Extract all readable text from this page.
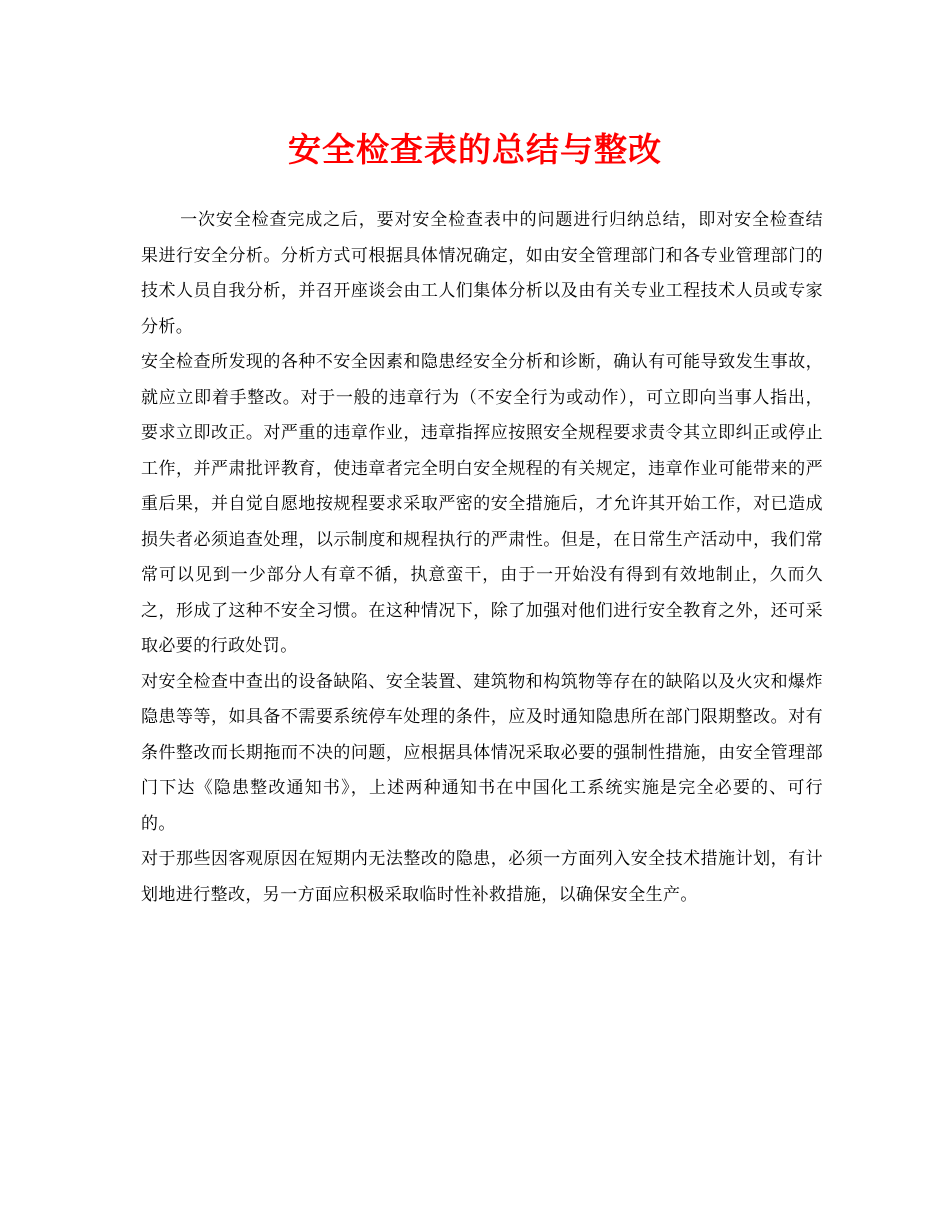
安全检查表的总结与整改

一次安全检查完成之后，要对安全检查表中的问题进行归纳总结，即对安全检查结果进行安全分析。分析方式可根据具体情况确定，如由安全管理部门和各专业管理部门的技术人员自我分析，并召开座谈会由工人们集体分析以及由有关专业工程技术人员或专家分析。

安全检查所发现的各种不安全因素和隐患经安全分析和诊断，确认有可能导致发生事故，就应立即着手整改。对于一般的违章行为（不安全行为或动作），可立即向当事人指出，要求立即改正。对严重的违章作业，违章指挥应按照安全规程要求责令其立即纠正或停止工作，并严肃批评教育，使违章者完全明白安全规程的有关规定，违章作业可能带来的严重后果，并自觉自愿地按规程要求采取严密的安全措施后，才允许其开始工作，对已造成损失者必须追查处理，以示制度和规程执行的严肃性。但是，在日常生产活动中，我们常常可以见到一少部分人有章不循，执意蛮干，由于一开始没有得到有效地制止，久而久之，形成了这种不安全习惯。在这种情况下，除了加强对他们进行安全教育之外，还可采取必要的行政处罚。

对安全检查中查出的设备缺陷、安全装置、建筑物和构筑物等存在的缺陷以及火灾和爆炸隐患等等，如具备不需要系统停车处理的条件，应及时通知隐患所在部门限期整改。对有条件整改而长期拖而不决的问题，应根据具体情况采取必要的强制性措施，由安全管理部门下达《隐患整改通知书》，上述两种通知书在中国化工系统实施是完全必要的、可行的。

对于那些因客观原因在短期内无法整改的隐患，必须一方面列入安全技术措施计划，有计划地进行整改，另一方面应积极采取临时性补救措施，以确保安全生产。
